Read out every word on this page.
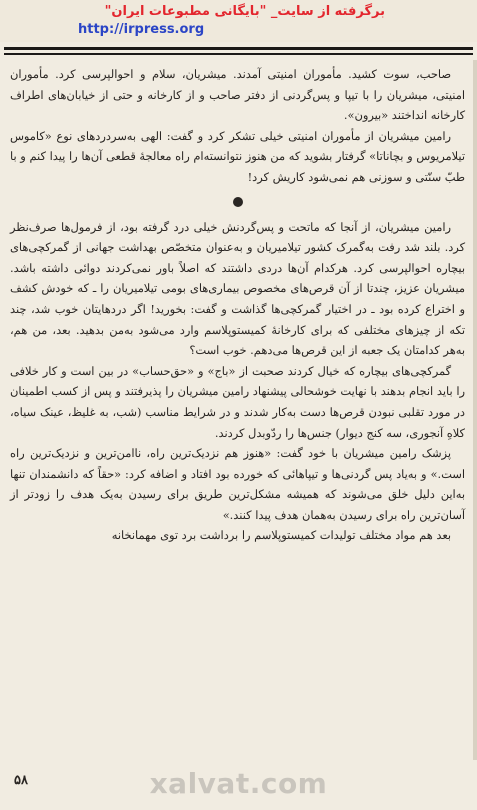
برگرفته از سایت_ "بایگانی مطبوعات ایران"
http://irpress.org

صاحب، سوت کشید. مأموران امنیتی آمدند. میشریان، سلام و احوالپرسی کرد. مأموران امنیتی، میشریان را با تیپا و پس‌گردنی از دفتر صاحب و از کارخانه و حتی از خیابان‌های اطراف کارخانه انداختند «بیرون».

رامین میشریان از مأموران امنیتی خیلی تشکر کرد و گفت: الهی به‌سردردهای نوع «کاموس تیلامریوس و بچاناتا» گرفتار بشوید که من هنوز نتوانسته‌ام راه معالجهٔ قطعی آن‌ها را پیدا کنم و با طبّ سنّتی و سوزنی هم نمی‌شود کاریش کرد!

رامین میشریان، از آنجا که ماتحت و پس‌گردنش خیلی درد گرفته بود، از فرمول‌ها صرف‌نظر کرد. بلند شد رفت به‌گمرک کشور تیلامیریان و به‌عنوان متخصّص بهداشت جهانی از گمرکچی‌های بیچاره احوالپرسی کرد. هرکدام آن‌ها دردی داشتند که اصلاً باور نمی‌کردند دوائی داشته باشد. میشریان عزیز، چندتا از آن قرص‌های مخصوص بیماری‌های بومی تیلامیریان را ـ که خودش کشف و اختراع کرده بود ـ در اختیار گمرکچی‌ها گذاشت و گفت: بخورید! اگر دردهایتان خوب شد، چند تکه از چیزهای مختلفی که برای کارخانهٔ کمیستوپلاسم وارد می‌شود به‌من بدهید. بعد، من هم، به‌هر کدامتان یک جعبه از این قرص‌ها می‌دهم. خوب است؟

گمرکچی‌های بیچاره که خیال کردند صحبت از «باج» و «حق‌حساب» در بین است و کار خلافی را باید انجام بدهند با نهایت خوشحالی پیشنهاد رامین میشریان را پذیرفتند و پس از کسب اطمینان در مورد تقلبی نبودن قرص‌ها دست به‌کار شدند و در شرایط مناسب (شب، به غلیظ، عینک سیاه، کلاهِ آنجوری، سه کنج دیوار) جنس‌ها را ردّوبدل کردند.

پزشک رامین میشریان با خود گفت: «هنوز هم نزدیک‌ترین راه، ناامن‌ترین و نزدیک‌ترین راه است.» و به‌یاد پس گردنی‌ها و تیپاهائی که خورده بود افتاد و اضافه کرد: «حقاً که دانشمندان تنها به‌این دلیل خلق می‌شوند که همیشه مشکل‌ترین طریق برای رسیدن به‌یک هدف را زودتر از آسان‌ترین راه برای رسیدن به‌همان هدف پیدا کنند.»

بعد هم مواد مختلف تولیدات کمیستوپلاسم را برداشت برد توی مهمانخانه

xalvat.com
۵۸
